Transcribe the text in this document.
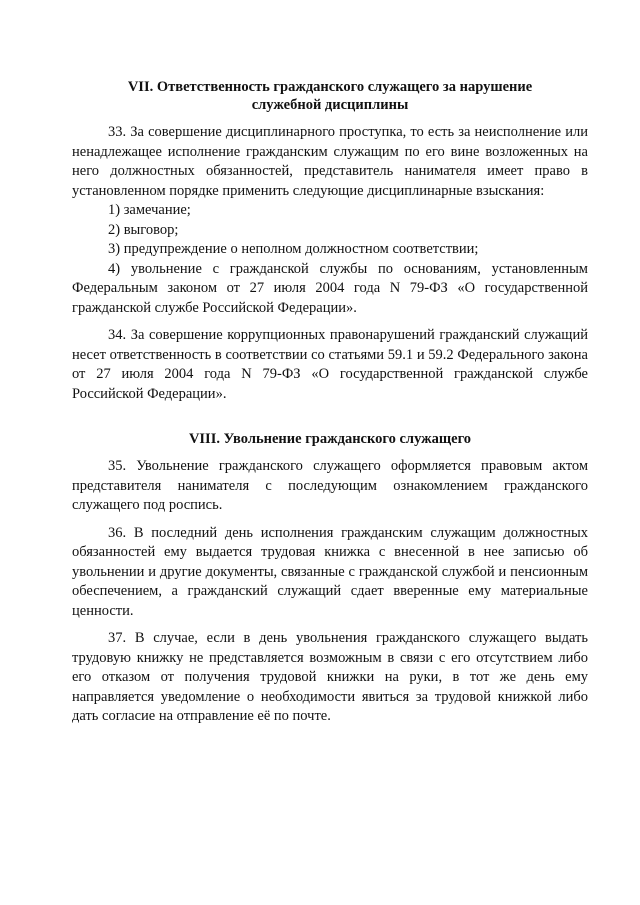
VII. Ответственность гражданского служащего за нарушение
служебной дисциплины

33. За совершение дисциплинарного проступка, то есть за неисполнение или ненадлежащее исполнение гражданским служащим по его вине возложенных на него должностных обязанностей, представитель нанимателя имеет право в установленном порядке применить следующие дисциплинарные взыскания:

1) замечание;

2) выговор;

3) предупреждение о неполном должностном соответствии;

4) увольнение с гражданской службы по основаниям, установленным Федеральным законом от 27 июля 2004 года N 79-ФЗ «О государственной гражданской службе Российской Федерации».

34. За совершение коррупционных правонарушений гражданский служащий несет ответственность в соответствии со статьями 59.1 и 59.2 Федерального закона от 27 июля 2004 года N 79-ФЗ «О государственной гражданской службе Российской Федерации».

VIII. Увольнение гражданского служащего

35. Увольнение гражданского служащего оформляется правовым актом представителя нанимателя с последующим ознакомлением гражданского служащего под роспись.

36. В последний день исполнения гражданским служащим должностных обязанностей ему выдается трудовая книжка с внесенной в нее записью об увольнении и другие документы, связанные с гражданской службой и пенсионным обеспечением, а гражданский служащий сдает вверенные ему материальные ценности.

37. В случае, если в день увольнения гражданского служащего выдать трудовую книжку не представляется возможным в связи с его отсутствием либо его отказом от получения трудовой книжки на руки, в тот же день ему направляется уведомление о необходимости явиться за трудовой книжкой либо дать согласие на отправление её по почте.
